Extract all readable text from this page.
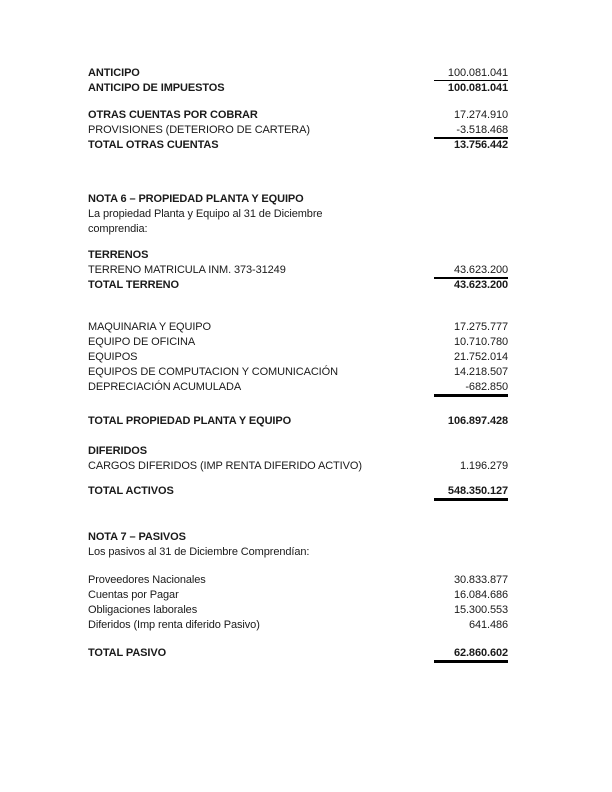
ANTICIPO	100.081.041
ANTICIPO DE IMPUESTOS	100.081.041
OTRAS CUENTAS POR COBRAR	17.274.910
PROVISIONES (DETERIORO DE CARTERA)	-3.518.468
TOTAL OTRAS CUENTAS	13.756.442
NOTA 6 – PROPIEDAD PLANTA Y EQUIPO
La propiedad Planta y Equipo al 31 de Diciembre
comprendia:
TERRENOS
TERRENO MATRICULA INM. 373-31249	43.623.200
TOTAL TERRENO	43.623.200
MAQUINARIA Y EQUIPO	17.275.777
EQUIPO DE OFICINA	10.710.780
EQUIPOS	21.752.014
EQUIPOS DE COMPUTACION Y COMUNICACIÓN	14.218.507
DEPRECIACIÓN ACUMULADA	-682.850
TOTAL PROPIEDAD PLANTA Y EQUIPO	106.897.428
DIFERIDOS
CARGOS DIFERIDOS (IMP RENTA DIFERIDO ACTIVO)	1.196.279
TOTAL ACTIVOS	548.350.127
NOTA 7 – PASIVOS
Los pasivos al 31 de Diciembre Comprendían:
Proveedores Nacionales	30.833.877
Cuentas por Pagar	16.084.686
Obligaciones laborales	15.300.553
Diferidos (Imp renta diferido Pasivo)	641.486
TOTAL PASIVO	62.860.602
